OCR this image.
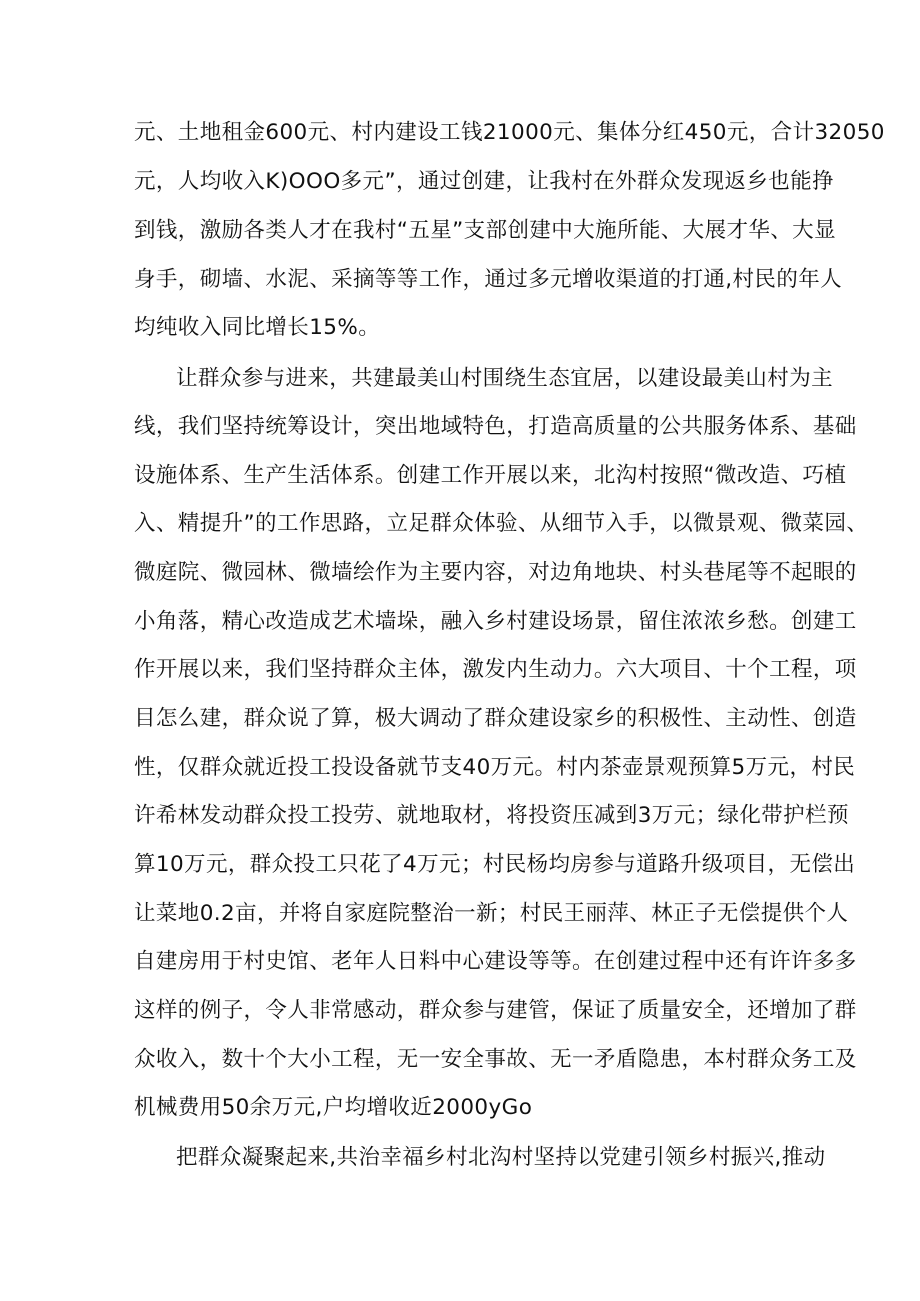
元、土地租金600元、村内建设工钱21000元、集体分红450元，合计32050
元，人均收入K)OOO多元”，通过创建，让我村在外群众发现返乡也能挣
到钱，激励各类人才在我村“五星”支部创建中大施所能、大展才华、大显
身手，砌墙、水泥、采摘等等工作，通过多元增收渠道的打通,村民的年人
均纯收入同比增长15%。
让群众参与进来，共建最美山村围绕生态宜居，以建设最美山村为主
线，我们坚持统筹设计，突出地域特色，打造高质量的公共服务体系、基础
设施体系、生产生活体系。创建工作开展以来，北沟村按照“微改造、巧植
入、精提升”的工作思路，立足群众体验、从细节入手，以微景观、微菜园、
微庭院、微园林、微墙绘作为主要内容，对边角地块、村头巷尾等不起眼的
小角落，精心改造成艺术墙垛，融入乡村建设场景，留住浓浓乡愁。创建工
作开展以来，我们坚持群众主体，激发内生动力。六大项目、十个工程，项
目怎么建，群众说了算，极大调动了群众建设家乡的积极性、主动性、创造
性，仅群众就近投工投设备就节支40万元。村内茶壶景观预算5万元，村民
许希林发动群众投工投劳、就地取材，将投资压减到3万元；绿化带护栏预
算10万元，群众投工只花了4万元；村民杨均房参与道路升级项目，无偿出
让菜地0.2亩，并将自家庭院整治一新；村民王丽萍、林正子无偿提供个人
自建房用于村史馆、老年人日料中心建设等等。在创建过程中还有许许多多
这样的例子，令人非常感动，群众参与建管，保证了质量安全，还增加了群
众收入，数十个大小工程，无一安全事故、无一矛盾隐患，本村群众务工及
机械费用50余万元,户均增收近2000yGo
把群众凝聚起来,共治幸福乡村北沟村坚持以党建引领乡村振兴,推动
